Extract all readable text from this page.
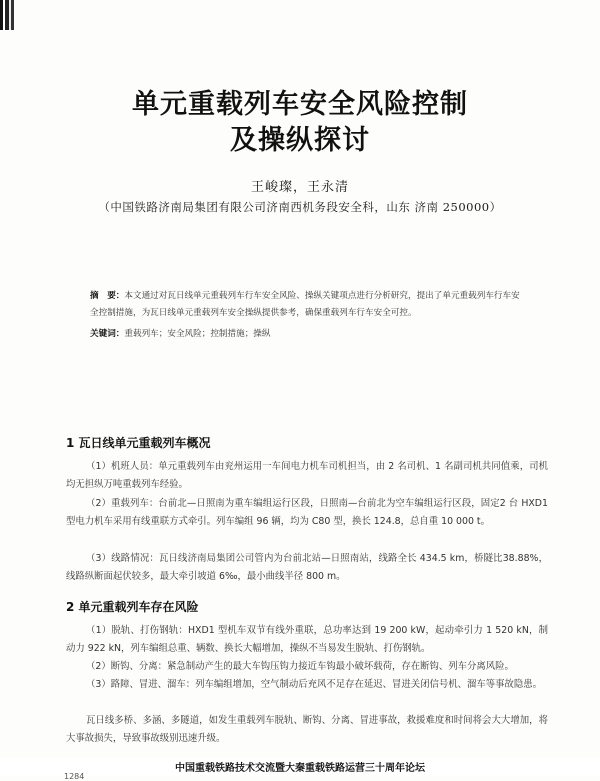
单元重载列车安全风险控制
及操纵探讨
王峻璨，王永清
（中国铁路济南局集团有限公司济南西机务段安全科，山东 济南 250000）
摘　要：本文通过对瓦日线单元重载列车行车安全风险、操纵关键项点进行分析研究，提出了单元重载列车行车安全控制措施，为瓦日线单元重载列车安全操纵提供参考，确保重载列车行车安全可控。
关键词：重载列车；安全风险；控制措施；操纵
1 瓦日线单元重载列车概况
（1）机班人员：单元重载列车由兖州运用一车间电力机车司机担当，由 2 名司机、1 名副司机共同值乘，司机均无担纵万吨重载列车经验。
（2）重载列车：台前北—日照南为重车编组运行区段，日照南—台前北为空车编组运行区段，固定2 台 HXD1 型电力机车采用有线重联方式牵引。列车编组 96 辆，均为 C80 型，换长 124.8，总自重 10 000 t。
（3）线路情况：瓦日线济南局集团公司管内为台前北站—日照南站，线路全长 434.5 km，桥隧比38.88%，线路纵断面起伏较多，最大牵引坡道 6‰，最小曲线半径 800 m。
2 单元重载列车存在风险
（1）脱轨、打伤钢轨：HXD1 型机车双节有线外重联，总功率达到 19 200 kW，起动牵引力 1 520 kN，制动力 922 kN，列车编组总重、辆数、换长大幅增加，操纵不当易发生脱轨、打伤钢轨。
（2）断钩、分离：紧急制动产生的最大车钩压钩力接近车钩最小破坏载荷，存在断钩、列车分离风险。
（3）路障、冒进、溜车：列车编组增加，空气制动后充风不足存在延迟、冒进关闭信号机、溜车等事故隐患。
瓦日线多桥、多涵、多隧道，如发生重载列车脱轨、断钩、分离、冒进事故，救援难度和时间将会大大增加，将大事故损失，导致事故级别迅速升级。
中国重载铁路技术交流暨大秦重载铁路运营三十周年论坛
1284
